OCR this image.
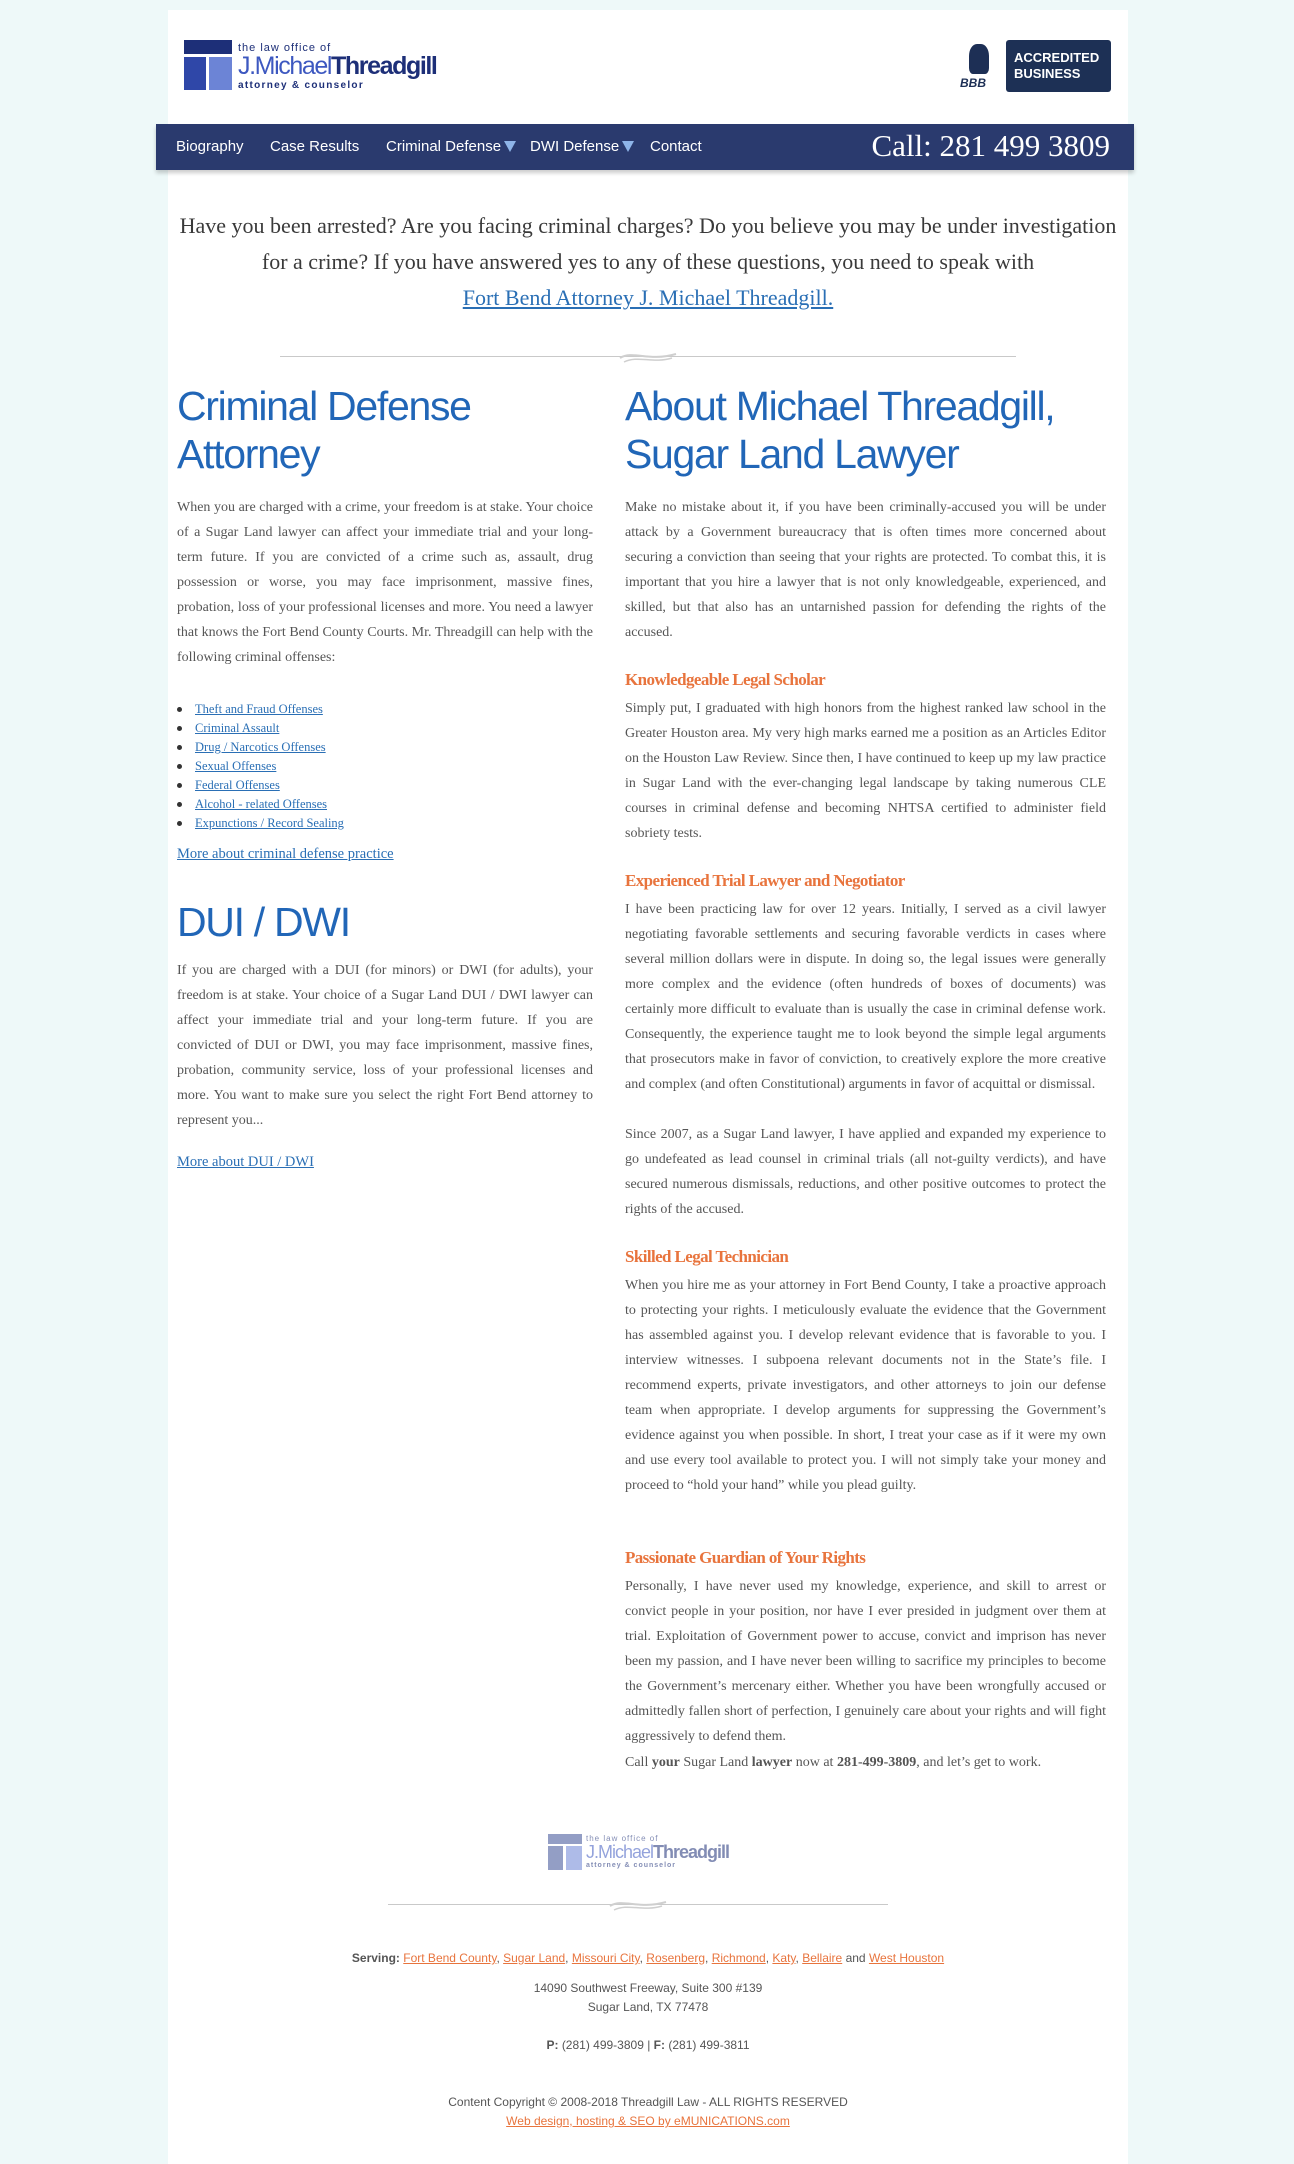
the law office of
J.MichaelThreadgill
attorney & counselor	BBB
ACCREDITED
BUSINESS
Have you been arrested? Are you facing criminal charges? Do you believe you may be under investigation for a crime? If you have answered yes to any of these questions, you need to speak with
Fort Bend Attorney J. Michael Threadgill.
Criminal Defense
Attorney
When you are charged with a crime, your freedom is at stake. Your choice of a Sugar Land lawyer can affect your immediate trial and your long-term future. If you are convicted of a crime such as, assault, drug possession or worse, you may face imprisonment, massive fines, probation, loss of your professional licenses and more. You need a lawyer that knows the Fort Bend County Courts. Mr. Threadgill can help with the following criminal offenses:
Theft and Fraud Offenses
Criminal Assault
Drug / Narcotics Offenses
Sexual Offenses
Federal Offenses
Alcohol - related Offenses
Expunctions / Record Sealing
More about criminal defense practice
DUI / DWI
If you are charged with a DUI (for minors) or DWI (for adults), your freedom is at stake. Your choice of a Sugar Land DUI / DWI lawyer can affect your immediate trial and your long-term future. If you are convicted of DUI or DWI, you may face imprisonment, massive fines, probation, community service, loss of your professional licenses and more. You want to make sure you select the right Fort Bend attorney to represent you...
More about DUI / DWI
About Michael Threadgill,
Sugar Land Lawyer
Make no mistake about it, if you have been criminally-accused you will be under attack by a Government bureaucracy that is often times more concerned about securing a conviction than seeing that your rights are protected. To combat this, it is important that you hire a lawyer that is not only knowledgeable, experienced, and skilled, but that also has an untarnished passion for defending the rights of the accused.
Knowledgeable Legal Scholar
Simply put, I graduated with high honors from the highest ranked law school in the Greater Houston area. My very high marks earned me a position as an Articles Editor on the Houston Law Review. Since then, I have continued to keep up my law practice in Sugar Land with the ever-changing legal landscape by taking numerous CLE courses in criminal defense and becoming NHTSA certified to administer field sobriety tests.
Experienced Trial Lawyer and Negotiator
I have been practicing law for over 12 years. Initially, I served as a civil lawyer negotiating favorable settlements and securing favorable verdicts in cases where several million dollars were in dispute. In doing so, the legal issues were generally more complex and the evidence (often hundreds of boxes of documents) was certainly more difficult to evaluate than is usually the case in criminal defense work. Consequently, the experience taught me to look beyond the simple legal arguments that prosecutors make in favor of conviction, to creatively explore the more creative and complex (and often Constitutional) arguments in favor of acquittal or dismissal.
Since 2007, as a Sugar Land lawyer, I have applied and expanded my experience to go undefeated as lead counsel in criminal trials (all not-guilty verdicts), and have secured numerous dismissals, reductions, and other positive outcomes to protect the rights of the accused.
Skilled Legal Technician
When you hire me as your attorney in Fort Bend County, I take a proactive approach to protecting your rights. I meticulously evaluate the evidence that the Government has assembled against you. I develop relevant evidence that is favorable to you. I interview witnesses. I subpoena relevant documents not in the State’s file. I recommend experts, private investigators, and other attorneys to join our defense team when appropriate. I develop arguments for suppressing the Government’s evidence against you when possible. In short, I treat your case as if it were my own and use every tool available to protect you. I will not simply take your money and proceed to “hold your hand” while you plead guilty.
Passionate Guardian of Your Rights
Personally, I have never used my knowledge, experience, and skill to arrest or convict people in your position, nor have I ever presided in judgment over them at trial. Exploitation of Government power to accuse, convict and imprison has never been my passion, and I have never been willing to sacrifice my principles to become the Government’s mercenary either. Whether you have been wrongfully accused or admittedly fallen short of perfection, I genuinely care about your rights and will fight aggressively to defend them.
Call your Sugar Land lawyer now at 281-499-3809, and let’s get to work.
the law office of
J.MichaelThreadgill
attorney & counselor
Serving: Fort Bend County, Sugar Land, Missouri City, Rosenberg, Richmond, Katy, Bellaire and West Houston
14090 Southwest Freeway, Suite 300 #139
Sugar Land, TX 77478
P: (281) 499-3809 | F: (281) 499-3811
Content Copyright © 2008-2018 Threadgill Law - ALL RIGHTS RESERVED
Web design, hosting & SEO by eMUNICATIONS.com
Biography Case Results Criminal Defense	DWI Defense	Contact	Call: 281 499 3809
